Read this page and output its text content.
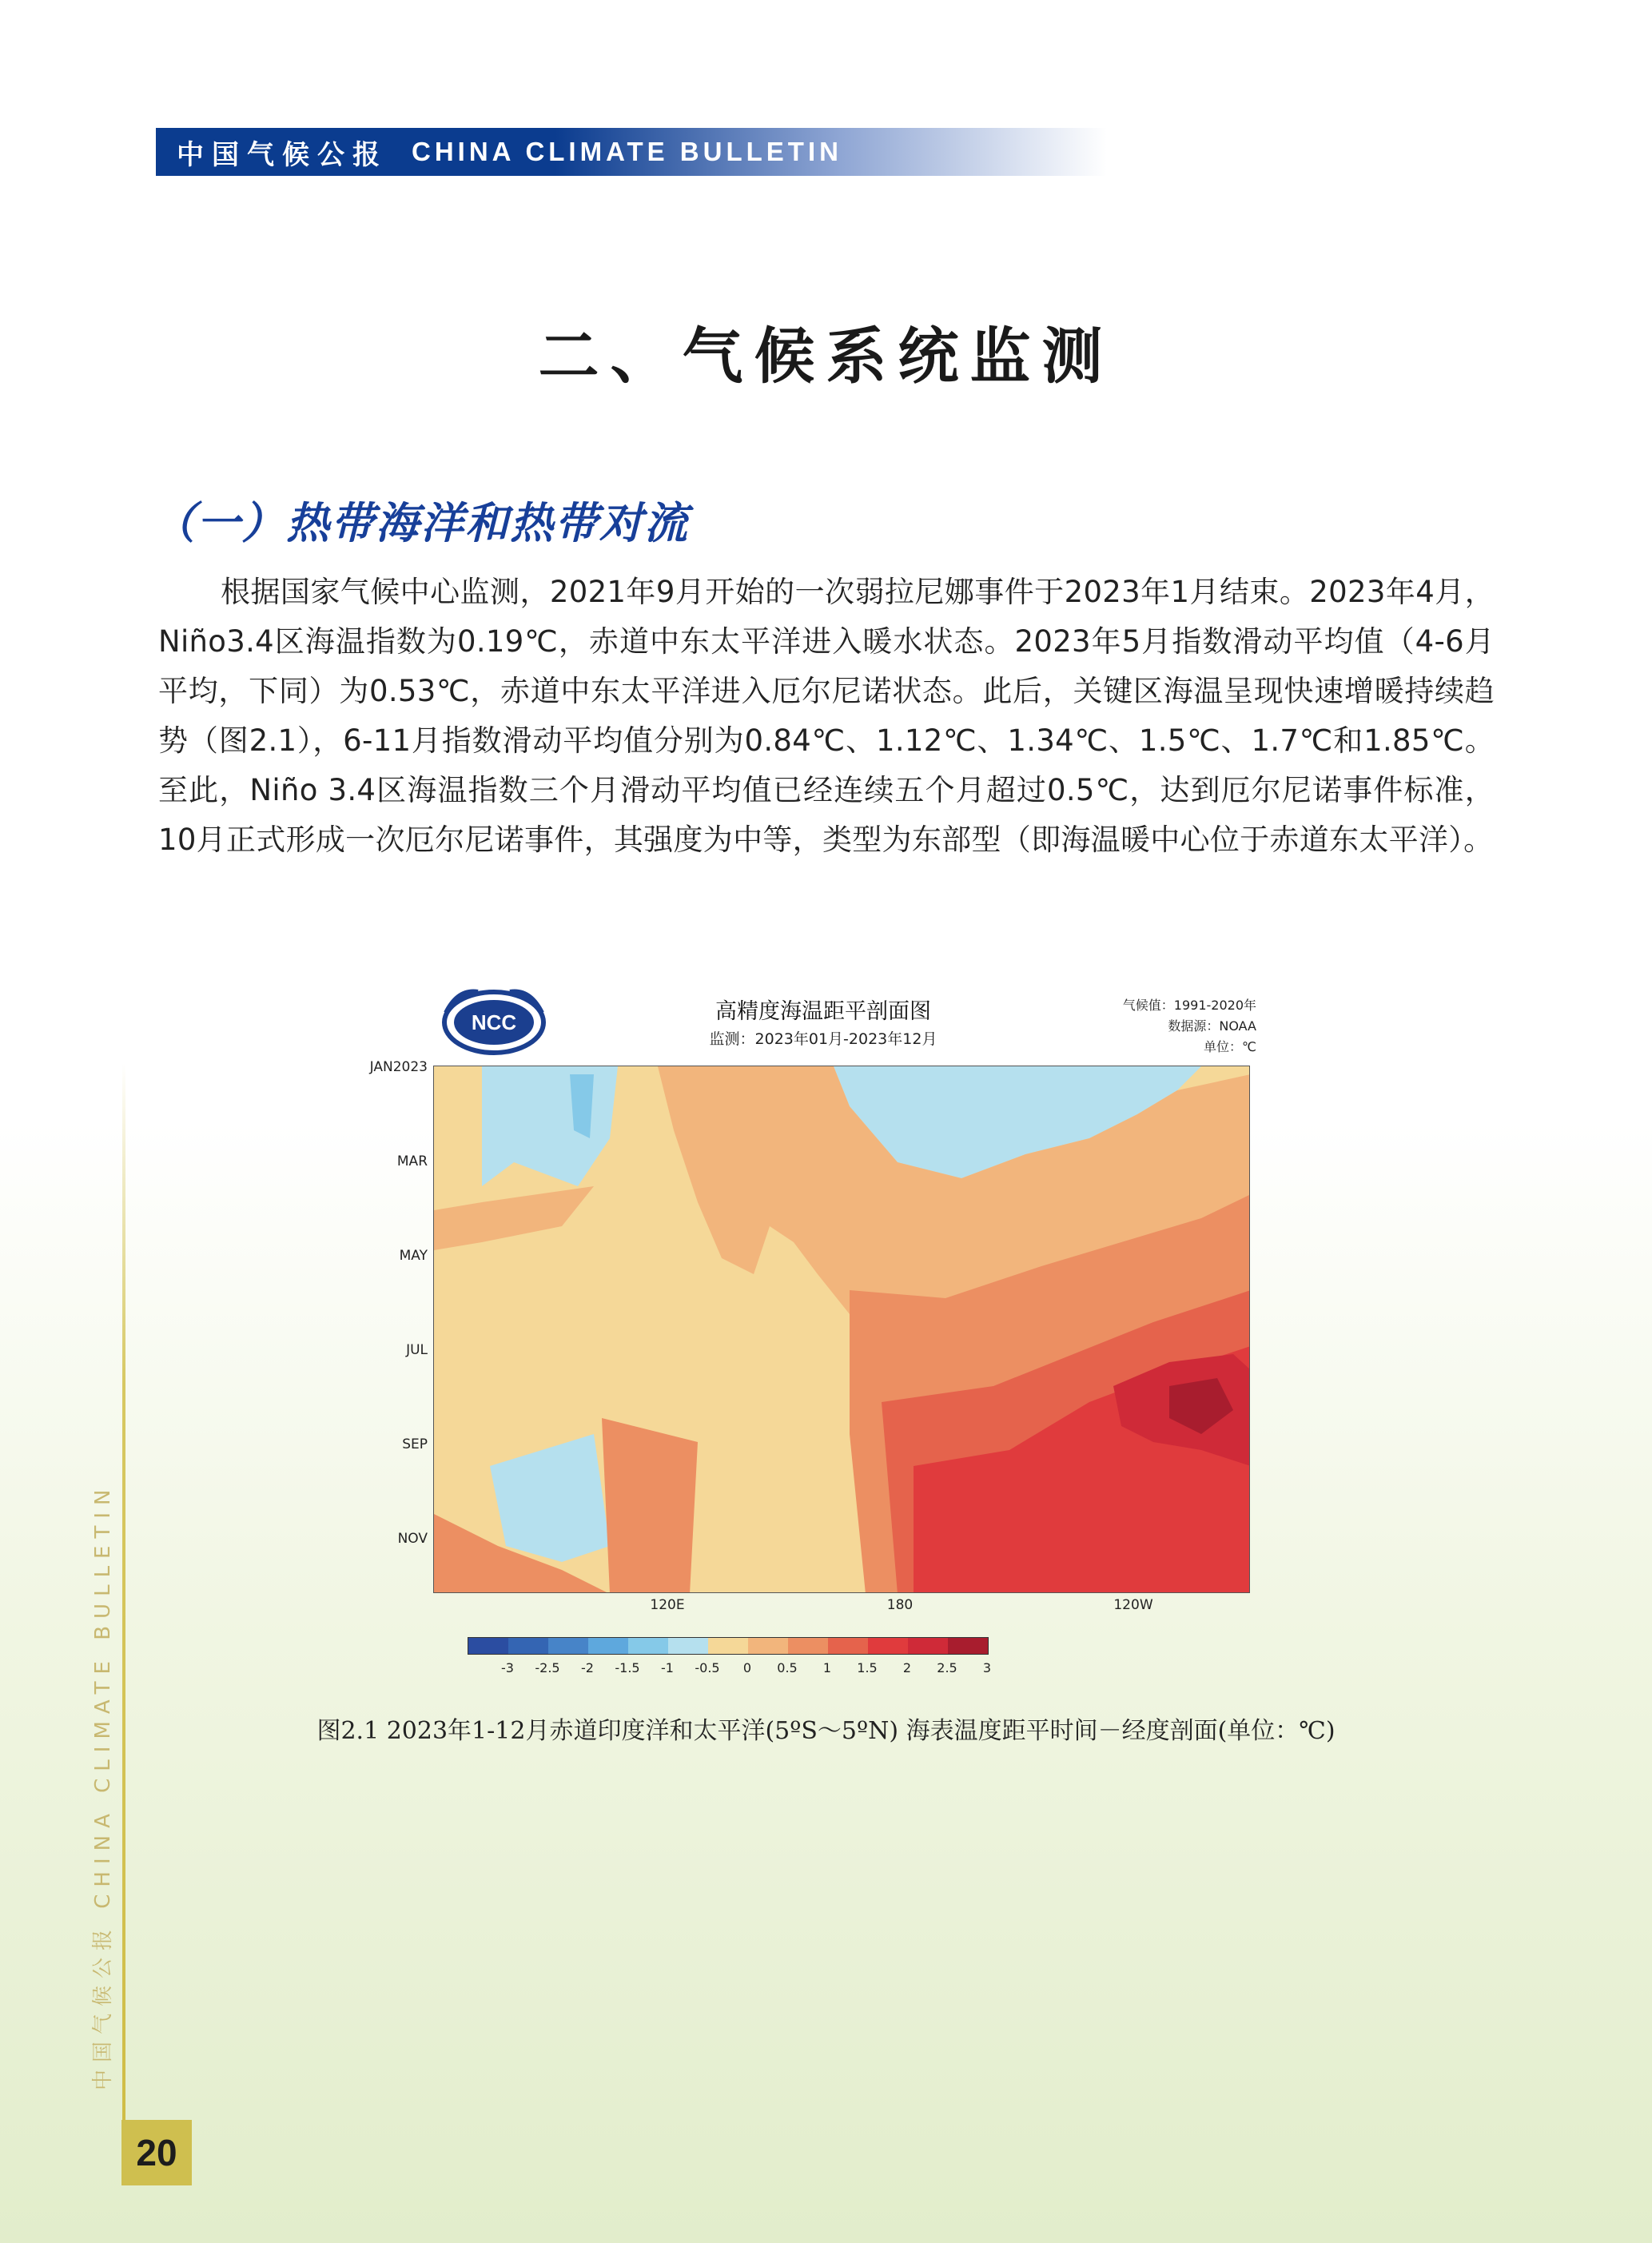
中国气候公报 CHINA CLIMATE BULLETIN
二、气候系统监测
（一）热带海洋和热带对流

根据国家气候中心监测，2021年9月开始的一次弱拉尼娜事件于2023年1月结束。2023年4月，Niño3.4区海温指数为0.19℃，赤道中东太平洋进入暖水状态。2023年5月指数滑动平均值（4-6月平均，下同）为0.53℃，赤道中东太平洋进入厄尔尼诺状态。此后，关键区海温呈现快速增暖持续趋势（图2.1），6-11月指数滑动平均值分别为0.84℃、1.12℃、1.34℃、1.5℃、1.7℃和1.85℃。至此，Niño 3.4区海温指数三个月滑动平均值已经连续五个月超过0.5℃，达到厄尔尼诺事件标准，10月正式形成一次厄尔尼诺事件，其强度为中等，类型为东部型（即海温暖中心位于赤道东太平洋）。

NCC	高精度海温距平剖面图

监测：2023年01月-2023年12月

气候值：1991-2020年
数据源：NOAA
单位：℃
JAN2023
MAR
MAY
JUL
SEP
NOV
120E	180	120W
-3 -2.5 -2 -1.5 -1 -0.5 0 0.5 1 1.5 2 2.5 3

图2.1 2023年1-12月赤道印度洋和太平洋(5ºS～5ºN) 海表温度距平时间－经度剖面(单位：℃)

中国气候公报 CHINA CLIMATE BULLETIN
20
